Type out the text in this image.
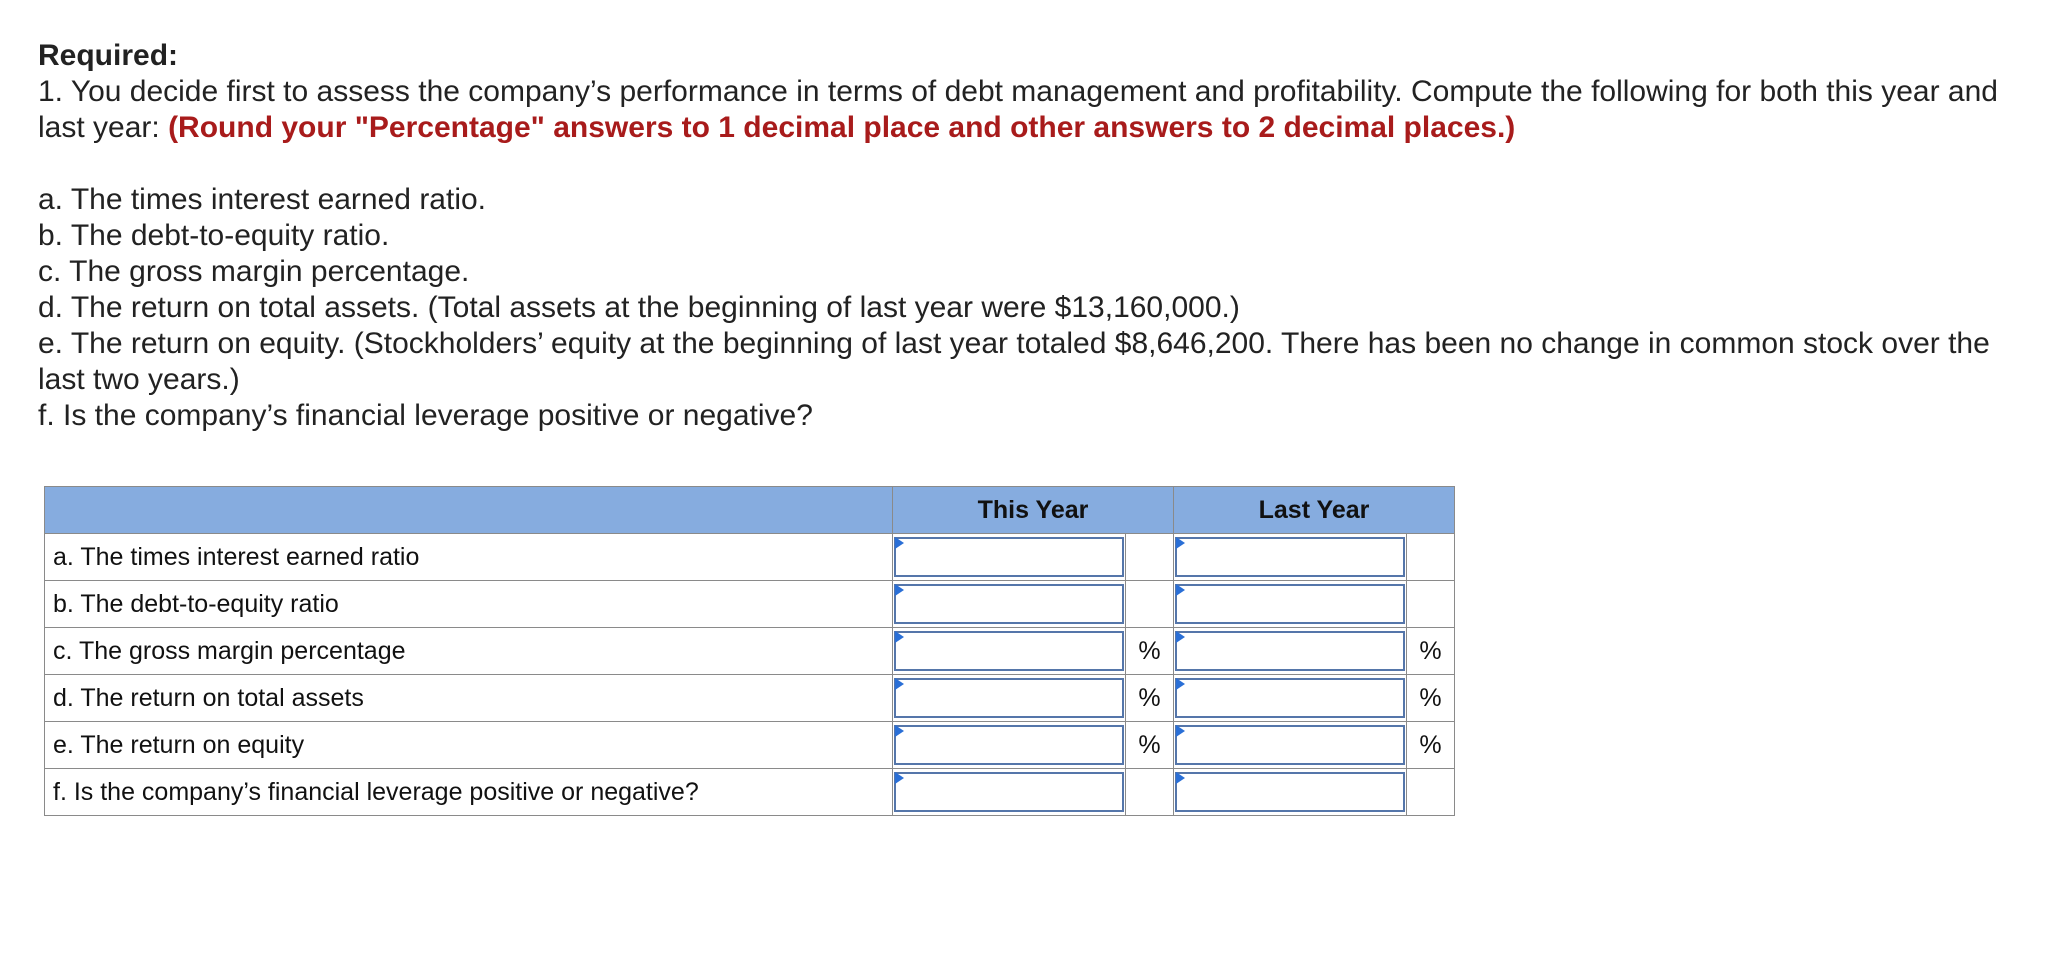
Required:

1. You decide first to assess the company’s performance in terms of debt management and profitability. Compute the following for both this year and last year: (Round your "Percentage" answers to 1 decimal place and other answers to 2 decimal places.)

a. The times interest earned ratio.
b. The debt-to-equity ratio.
c. The gross margin percentage.
d. The return on total assets. (Total assets at the beginning of last year were $13,160,000.)
e. The return on equity. (Stockholders’ equity at the beginning of last year totaled $8,646,200. There has been no change in common stock over the last two years.)
f. Is the company’s financial leverage positive or negative?
	This Year		Last Year	
a. The times interest earned ratio	

b. The debt-to-equity ratio	

c. The gross margin percentage		%		%
d. The return on total assets		%		%
e. The return on equity		%		%
f. Is the company’s financial leverage positive or negative?	
